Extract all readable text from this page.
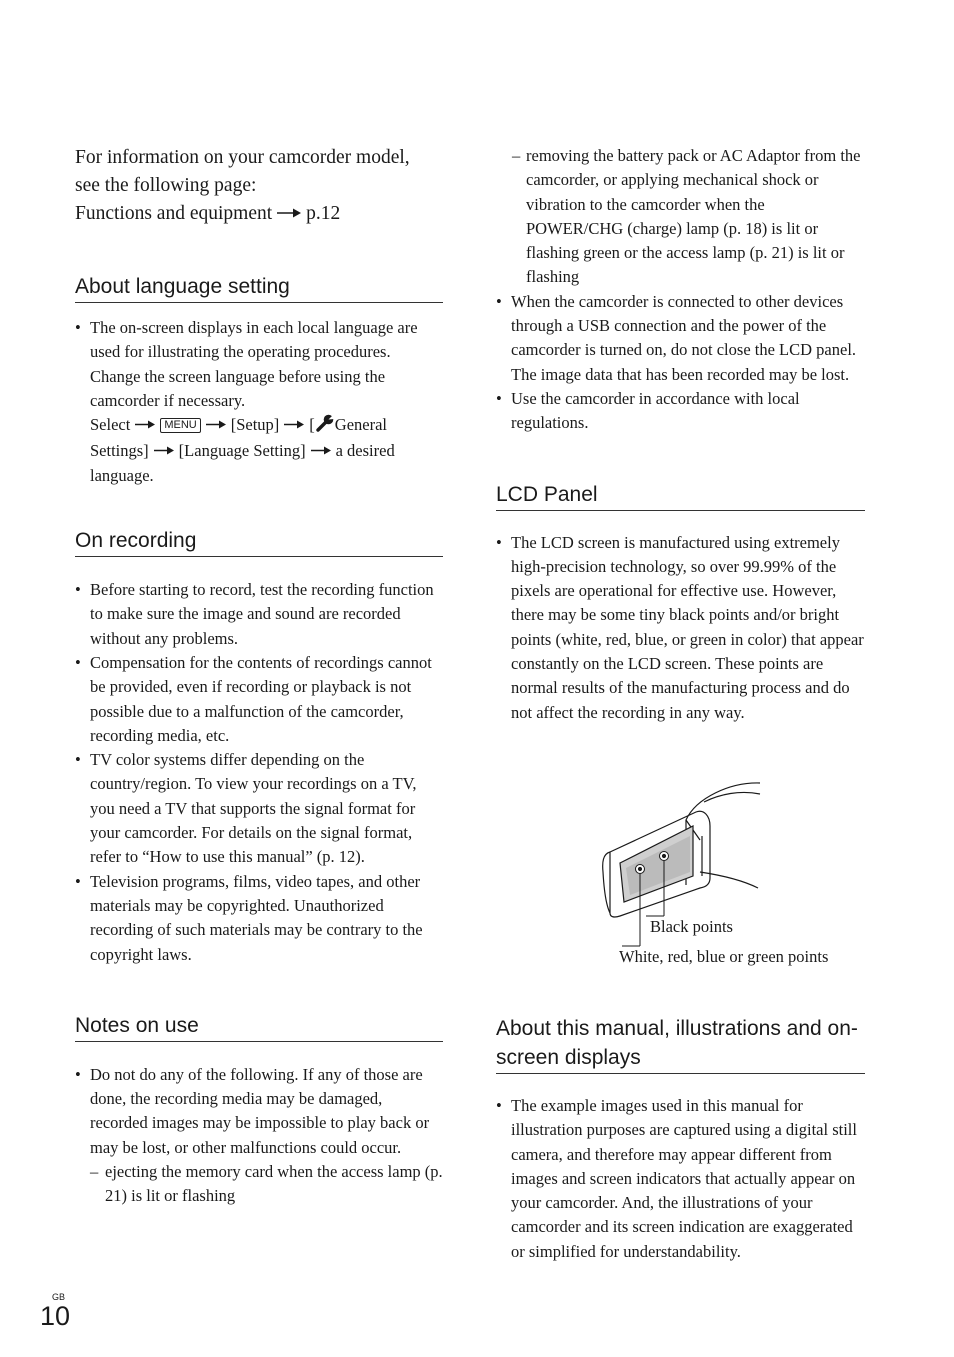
For information on your camcorder model,

see the following page:

Functions and equipment p.12

About language setting
• The on-screen displays in each local language are used for illustrating the operating procedures. Change the screen language before using the camcorder if necessary.
Select	MENU [Setup] [ General Settings] [Language Setting] a desired language.
On recording
• Before starting to record, test the recording function to make sure the image and sound are recorded without any problems.
• Compensation for the contents of recordings cannot be provided, even if recording or playback is not possible due to a malfunction of the camcorder, recording media, etc.
• TV color systems differ depending on the country/region. To view your recordings on a TV, you need a TV that supports the signal format for your camcorder. For details on the signal format, refer to “How to use this manual” (p. 12).
• Television programs, films, video tapes, and other materials may be copyrighted. Unauthorized recording of such materials may be contrary to the copyright laws.
Notes on use
• Do not do any of the following. If any of those are done, the recording media may be damaged, recorded images may be impossible to play back or may be lost, or other malfunctions could occur.
– ejecting the memory card when the access lamp (p. 21) is lit or flashing
– removing the battery pack or AC Adaptor from the camcorder, or applying mechanical shock or vibration to the camcorder when the POWER/CHG (charge) lamp (p. 18) is lit or flashing green or the access lamp (p. 21) is lit or flashing
• When the camcorder is connected to other devices through a USB connection and the power of the camcorder is turned on, do not close the LCD panel. The image data that has been recorded may be lost.
• Use the camcorder in accordance with local regulations.
LCD Panel
• The LCD screen is manufactured using extremely high-precision technology, so over 99.99% of the pixels are operational for effective use. However, there may be some tiny black points and/or bright points (white, red, blue, or green in color) that appear constantly on the LCD screen. These points are normal results of the manufacturing process and do not affect the recording in any way.
Black points
White, red, blue or green points
About this manual, illustrations and on-screen displays
• The example images used in this manual for illustration purposes are captured using a digital still camera, and therefore may appear different from images and screen indicators that actually appear on your camcorder. And, the illustrations of your camcorder and its screen indication are exaggerated or simplified for understandability.
GB
10
